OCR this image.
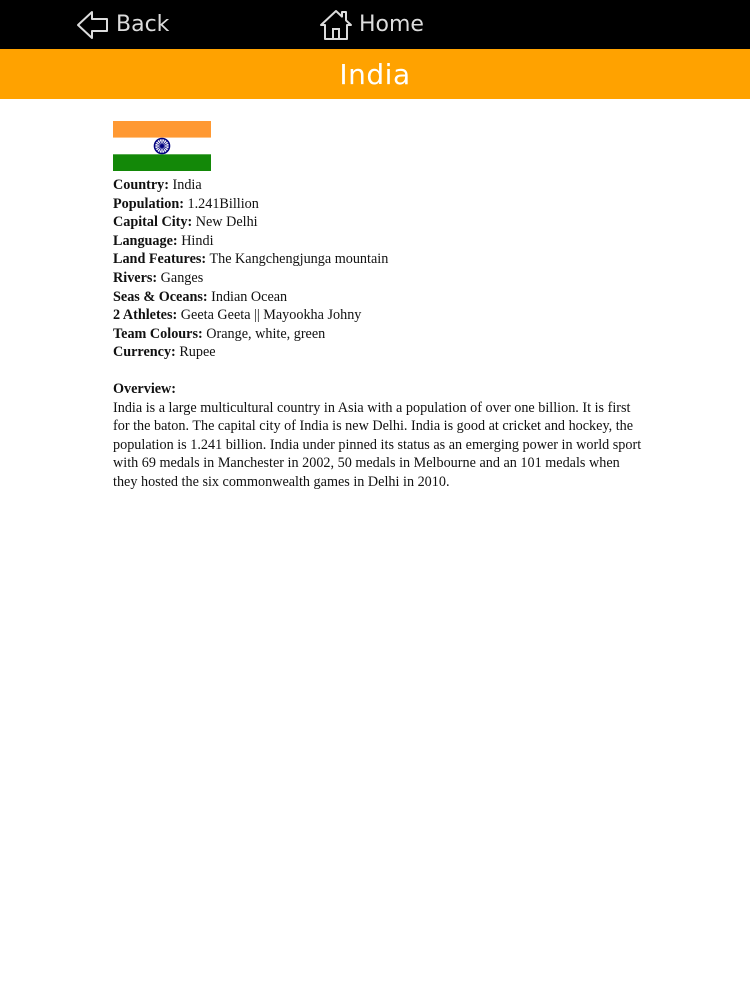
Back	Home
India
Country: India
Population: 1.241Billion
Capital City: New Delhi
Language: Hindi
Land Features: The Kangchengjunga mountain
Rivers: Ganges
Seas & Oceans: Indian Ocean
2 Athletes: Geeta Geeta || Mayookha Johny
Team Colours: Orange, white, green
Currency: Rupee
Overview:

India is a large multicultural country in Asia with a population of over one billion. It is first for the baton. The capital city of India is new Delhi. India is good at cricket and hockey, the population is 1.241 billion. India under pinned its status as an emerging power in world sport with 69 medals in Manchester in 2002, 50 medals in Melbourne and an 101 medals when they hosted the six commonwealth games in Delhi in 2010.
